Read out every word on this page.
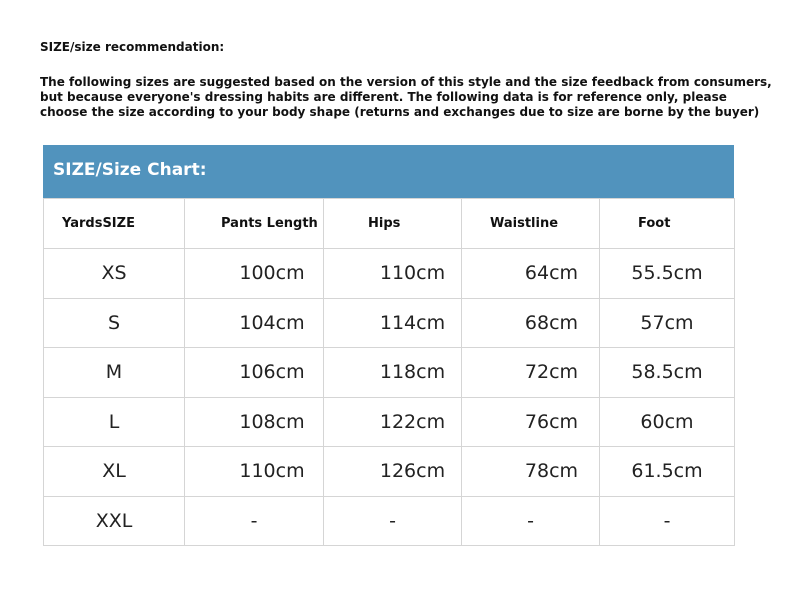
SIZE/size recommendation:
The following sizes are suggested based on the version of this style and the size feedback from consumers,
but because everyone's dressing habits are different. The following data is for reference only, please
choose the size according to your body shape (returns and exchanges due to size are borne by the buyer)
SIZE/Size Chart:
YardsSIZE	Pants Length	Hips	Waistline	Foot
XS	100cm	110cm	64cm	55.5cm
S	104cm	114cm	68cm	57cm
M	106cm	118cm	72cm	58.5cm
L	108cm	122cm	76cm	60cm
XL	110cm	126cm	78cm	61.5cm
XXL	-	-	-	-
